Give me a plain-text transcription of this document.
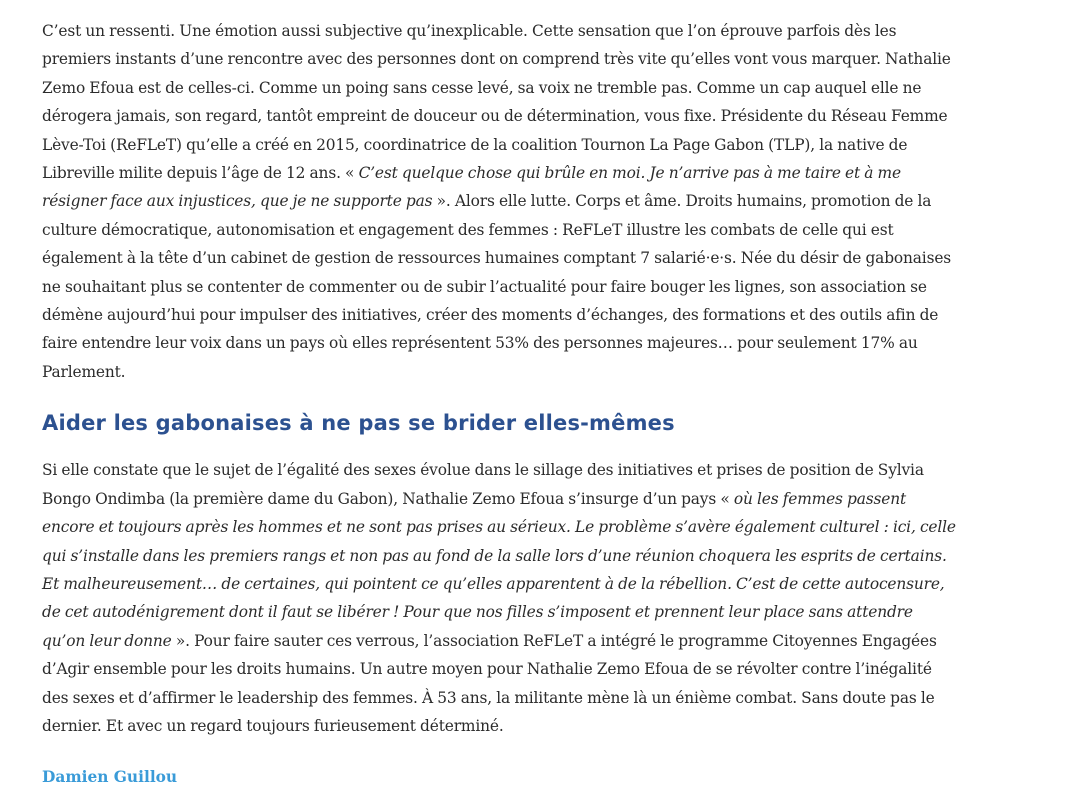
C’est un ressenti. Une émotion aussi subjective qu’inexplicable. Cette sensation que l’on éprouve parfois dès les premiers instants d’une rencontre avec des personnes dont on comprend très vite qu’elles vont vous marquer. Nathalie Zemo Efoua est de celles-ci. Comme un poing sans cesse levé, sa voix ne tremble pas. Comme un cap auquel elle ne dérogera jamais, son regard, tantôt empreint de douceur ou de détermination, vous fixe. Présidente du Réseau Femme Lève-Toi (ReFLeT) qu’elle a créé en 2015, coordinatrice de la coalition Tournon La Page Gabon (TLP), la native de Libreville milite depuis l’âge de 12 ans. « C’est quelque chose qui brûle en moi. Je n’arrive pas à me taire et à me résigner face aux injustices, que je ne supporte pas ». Alors elle lutte. Corps et âme. Droits humains, promotion de la culture démocratique, autonomisation et engagement des femmes : ReFLeT illustre les combats de celle qui est également à la tête d’un cabinet de gestion de ressources humaines comptant 7 salarié·e·s. Née du désir de gabonaises ne souhaitant plus se contenter de commenter ou de subir l’actualité pour faire bouger les lignes, son association se démène aujourd’hui pour impulser des initiatives, créer des moments d’échanges, des formations et des outils afin de faire entendre leur voix dans un pays où elles représentent 53% des personnes majeures… pour seulement 17% au Parlement.

Aider les gabonaises à ne pas se brider elles-mêmes

Si elle constate que le sujet de l’égalité des sexes évolue dans le sillage des initiatives et prises de position de Sylvia Bongo Ondimba (la première dame du Gabon), Nathalie Zemo Efoua s’insurge d’un pays « où les femmes passent encore et toujours après les hommes et ne sont pas prises au sérieux. Le problème s’avère également culturel : ici, celle qui s’installe dans les premiers rangs et non pas au fond de la salle lors d’une réunion choquera les esprits de certains. Et malheureusement… de certaines, qui pointent ce qu’elles apparentent à de la rébellion. C’est de cette autocensure, de cet autodénigrement dont il faut se libérer ! Pour que nos filles s’imposent et prennent leur place sans attendre qu’on leur donne ». Pour faire sauter ces verrous, l’association ReFLeT a intégré le programme Citoyennes Engagées d’Agir ensemble pour les droits humains. Un autre moyen pour Nathalie Zemo Efoua de se révolter contre l’inégalité des sexes et d’affirmer le leadership des femmes. À 53 ans, la militante mène là un énième combat. Sans doute pas le dernier. Et avec un regard toujours furieusement déterminé.

Damien Guillou
